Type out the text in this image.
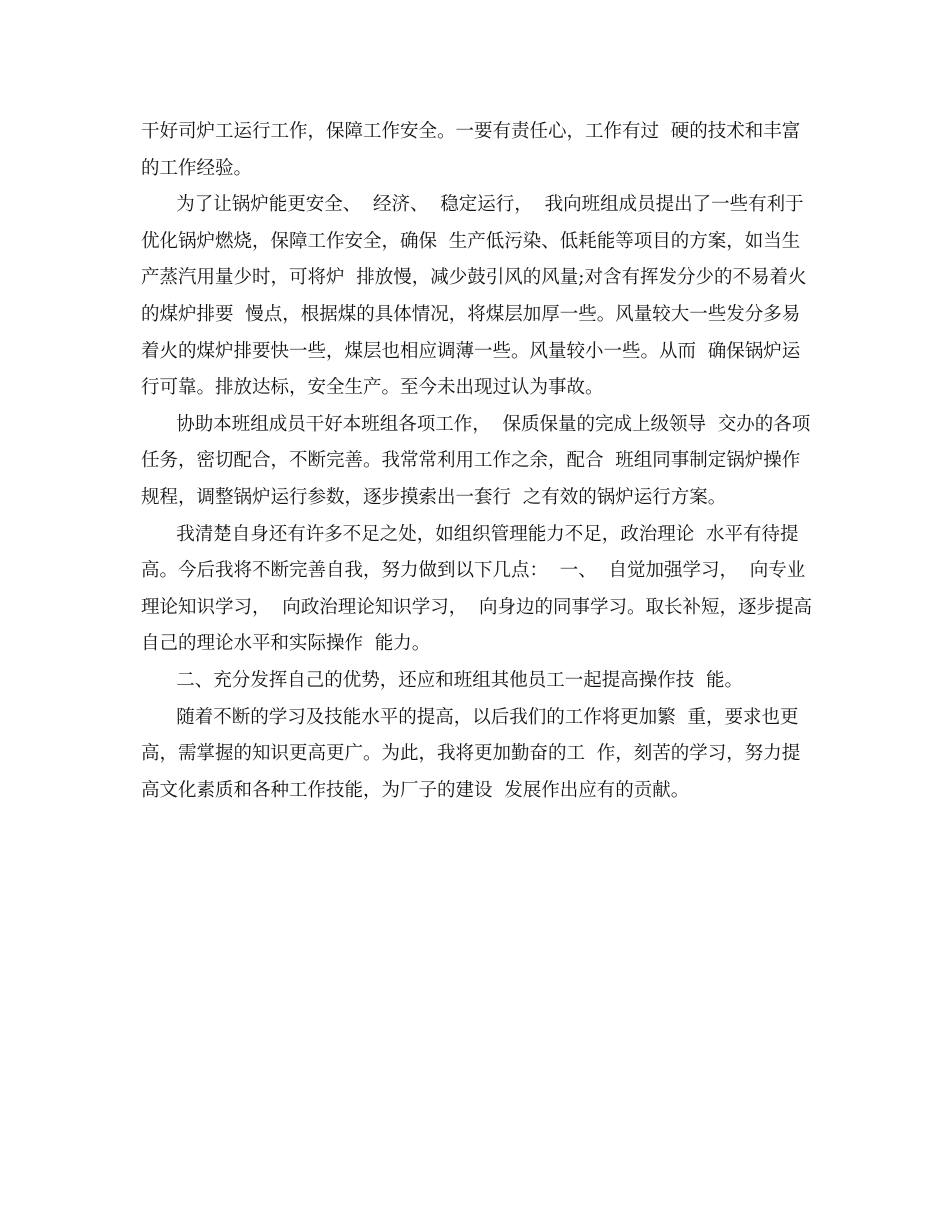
干好司炉工运行工作，保障工作安全。一要有责任心，工作有过  硬的技术和丰富
的工作经验。
为了让锅炉能更安全、  经济、  稳定运行，  我向班组成员提出了一些有利于
优化锅炉燃烧，保障工作安全，确保  生产低污染、低耗能等项目的方案，如当生
产蒸汽用量少时，可将炉  排放慢，减少鼓引风的风量;对含有挥发分少的不易着火
的煤炉排要  慢点，根据煤的具体情况，将煤层加厚一些。风量较大一些发分多易
着火的煤炉排要快一些，煤层也相应调薄一些。风量较小一些。从而  确保锅炉运
行可靠。排放达标，安全生产。至今未出现过认为事故。
协助本班组成员干好本班组各项工作，  保质保量的完成上级领导  交办的各项
任务，密切配合，不断完善。我常常利用工作之余，配合  班组同事制定锅炉操作
规程，调整锅炉运行参数，逐步摸索出一套行  之有效的锅炉运行方案。
我清楚自身还有许多不足之处，如组织管理能力不足，政治理论  水平有待提
高。今后我将不断完善自我，努力做到以下几点：  一、  自觉加强学习，  向专业
理论知识学习，  向政治理论知识学习，  向身边的同事学习。取长补短，逐步提高
自己的理论水平和实际操作  能力。
二、充分发挥自己的优势，还应和班组其他员工一起提高操作技  能。
随着不断的学习及技能水平的提高，以后我们的工作将更加繁  重，要求也更
高，需掌握的知识更高更广。为此，我将更加勤奋的工  作，刻苦的学习，努力提
高文化素质和各种工作技能，为厂子的建设  发展作出应有的贡献。
